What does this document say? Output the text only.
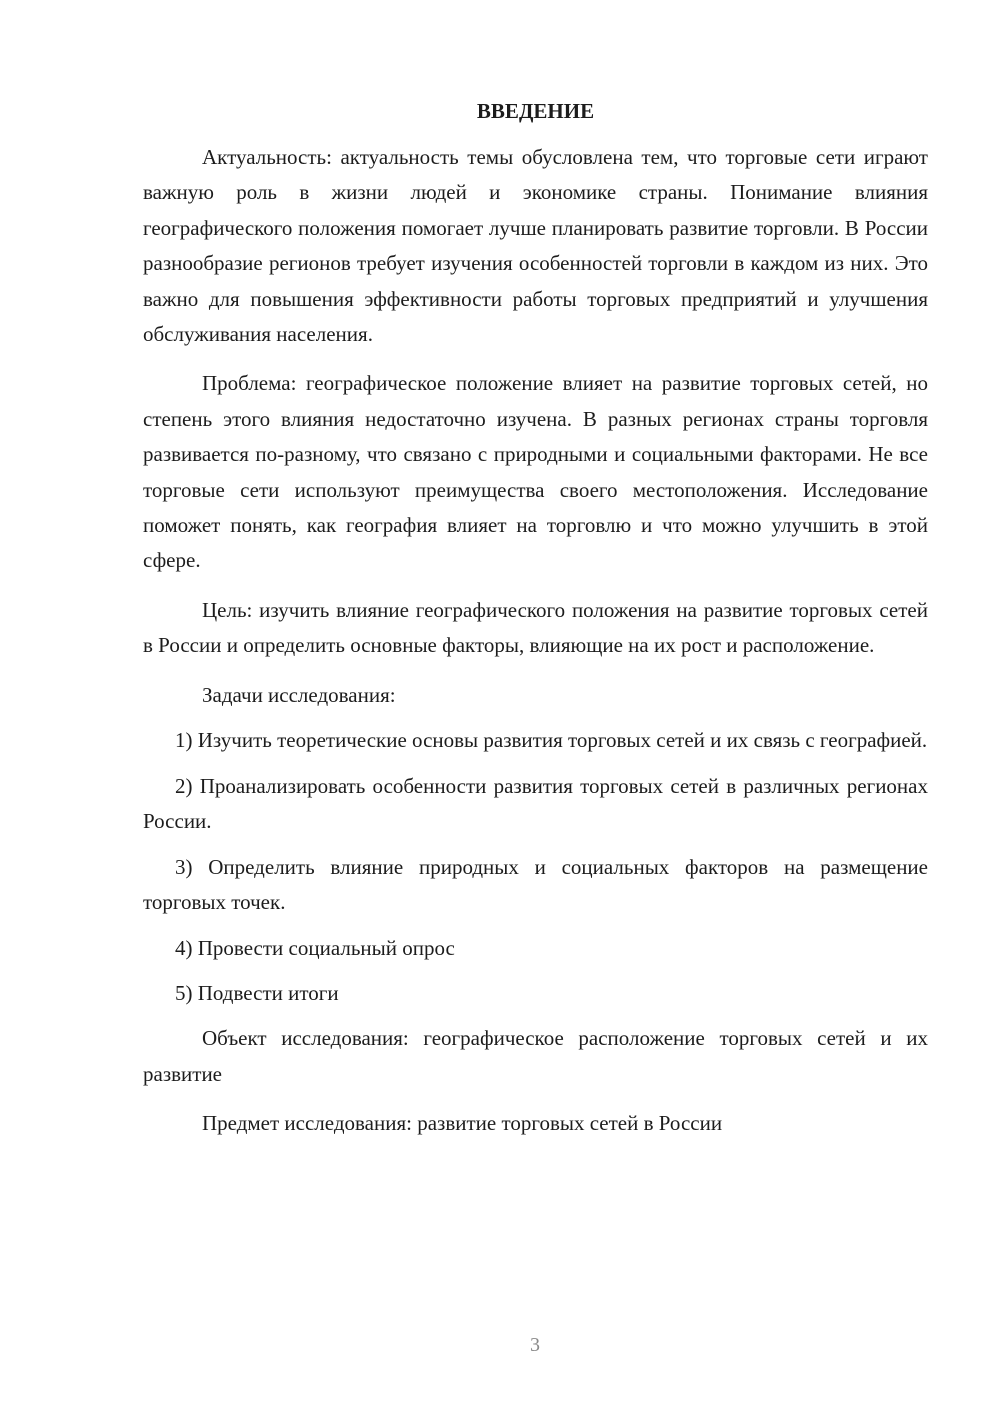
ВВЕДЕНИЕ

Актуальность: актуальность темы обусловлена тем, что торговые сети играют важную роль в жизни людей и экономике страны. Понимание влияния географического положения помогает лучше планировать развитие торговли. В России разнообразие регионов требует изучения особенностей торговли в каждом из них. Это важно для повышения эффективности работы торговых предприятий и улучшения обслуживания населения.

Проблема: географическое положение влияет на развитие торговых сетей, но степень этого влияния недостаточно изучена. В разных регионах страны торговля развивается по-разному, что связано с природными и социальными факторами. Не все торговые сети используют преимущества своего местоположения. Исследование поможет понять, как география влияет на торговлю и что можно улучшить в этой сфере.

Цель: изучить влияние географического положения на развитие торговых сетей в России и определить основные факторы, влияющие на их рост и расположение.

Задачи исследования:

1) Изучить теоретические основы развития торговых сетей и их связь с географией.

2) Проанализировать особенности развития торговых сетей в различных регионах России.

3) Определить влияние природных и социальных факторов на размещение торговых точек.

4) Провести социальный опрос

5) Подвести итоги

Объект исследования: географическое расположение торговых сетей и их развитие

Предмет исследования: развитие торговых сетей в России

3
